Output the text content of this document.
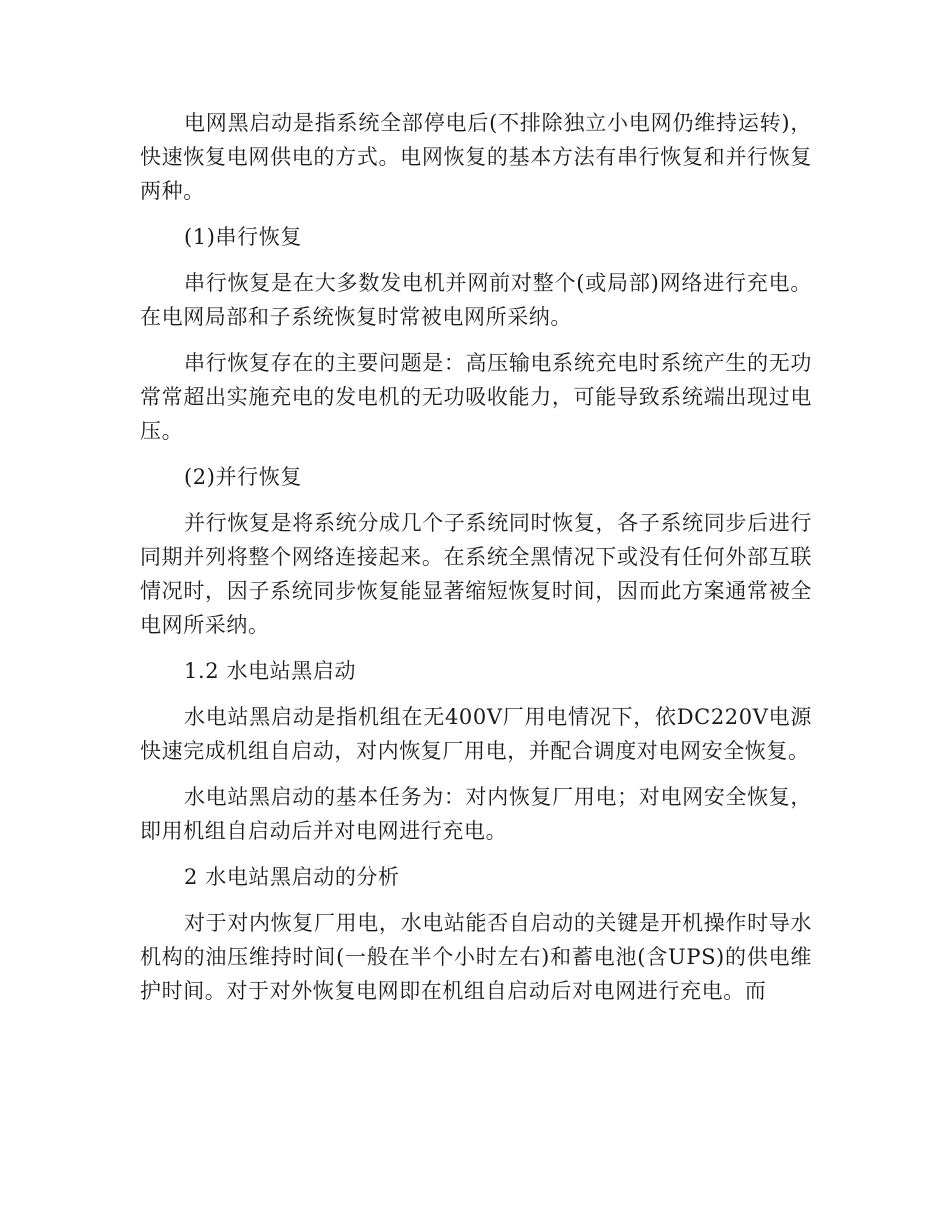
电网黑启动是指系统全部停电后(不排除独立小电网仍维持运转)，快速恢复电网供电的方式。电网恢复的基本方法有串行恢复和并行恢复两种。

(1)串行恢复

串行恢复是在大多数发电机并网前对整个(或局部)网络进行充电。在电网局部和子系统恢复时常被电网所采纳。

串行恢复存在的主要问题是：高压输电系统充电时系统产生的无功常常超出实施充电的发电机的无功吸收能力，可能导致系统端出现过电压。

(2)并行恢复

并行恢复是将系统分成几个子系统同时恢复，各子系统同步后进行同期并列将整个网络连接起来。在系统全黑情况下或没有任何外部互联情况时，因子系统同步恢复能显著缩短恢复时间，因而此方案通常被全电网所采纳。

1.2 水电站黑启动

水电站黑启动是指机组在无400V厂用电情况下，依DC220V电源快速完成机组自启动，对内恢复厂用电，并配合调度对电网安全恢复。

水电站黑启动的基本任务为：对内恢复厂用电；对电网安全恢复，即用机组自启动后并对电网进行充电。

2 水电站黑启动的分析

对于对内恢复厂用电，水电站能否自启动的关键是开机操作时导水机构的油压维持时间(一般在半个小时左右)和蓄电池(含UPS)的供电维护时间。对于对外恢复电网即在机组自启动后对电网进行充电。而
